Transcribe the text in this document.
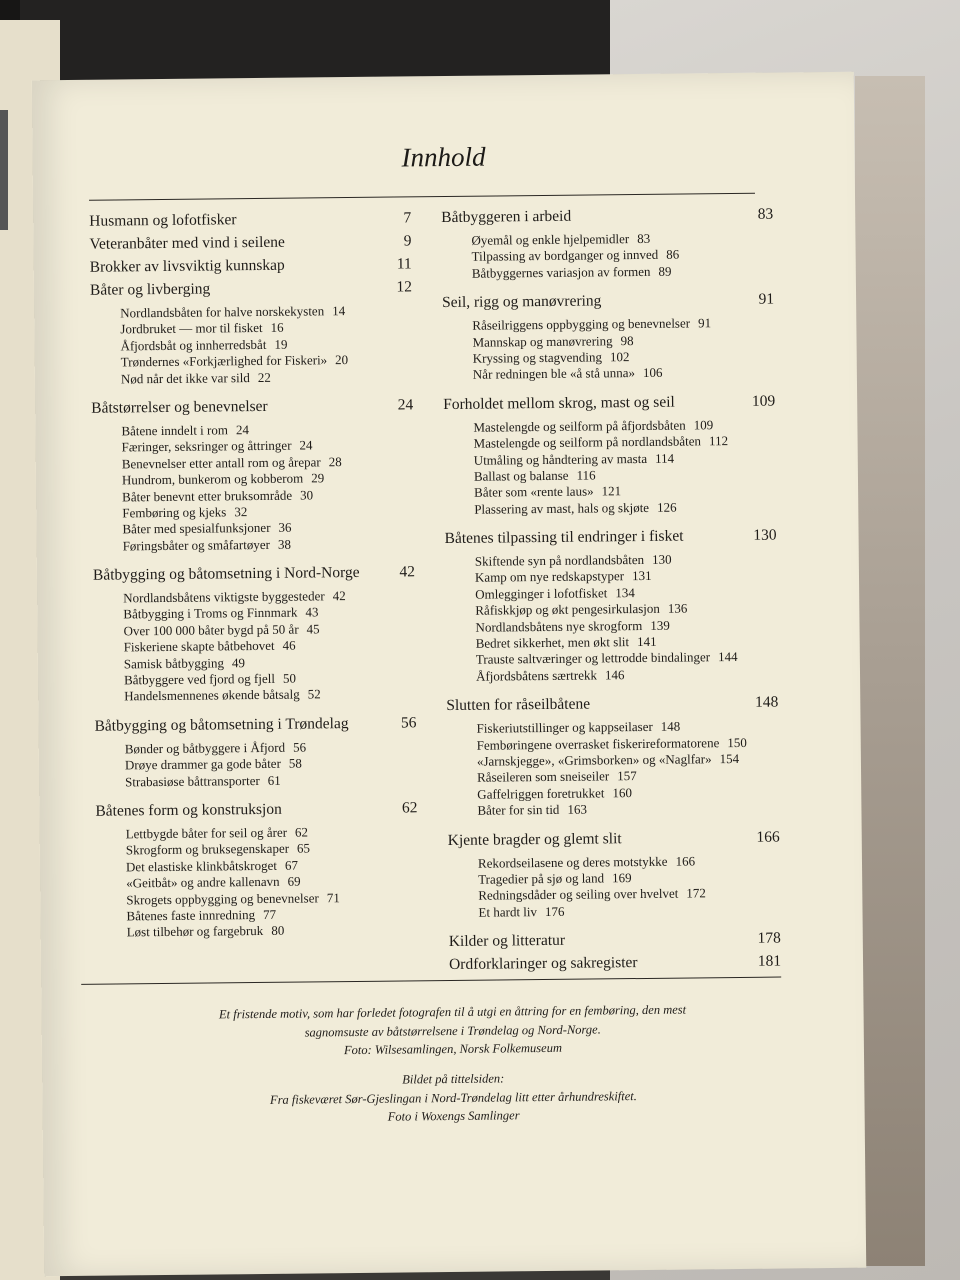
Innhold
Husmann og lofotfisker	7
Veteranbåter med vind i seilene	9
Brokker av livsviktig kunnskap	11
Båter og livberging	12
Nordlandsbåten for halve norskekysten 14
Jordbruket — mor til fisket 16
Åfjordsbåt og innherredsbåt 19
Trøndernes «Forkjærlighed for Fiskeri» 20
Nød når det ikke var sild 22
Båtstørrelser og benevnelser	24
Båtene inndelt i rom 24
Færinger, seksringer og åttringer 24
Benevnelser etter antall rom og årepar 28
Hundrom, bunkerom og kobberom 29
Båter benevnt etter bruksområde 30
Fembøring og kjeks 32
Båter med spesialfunksjoner 36
Føringsbåter og småfartøyer 38
Båtbygging og båtomsetning i Nord-Norge	42
Nordlandsbåtens viktigste byggesteder 42
Båtbygging i Troms og Finnmark 43
Over 100 000 båter bygd på 50 år 45
Fiskeriene skapte båtbehovet 46
Samisk båtbygging 49
Båtbyggere ved fjord og fjell 50
Handelsmennenes økende båtsalg 52
Båtbygging og båtomsetning i Trøndelag	56
Bønder og båtbyggere i Åfjord 56
Drøye drammer ga gode båter 58
Strabasiøse båttransporter 61
Båtenes form og konstruksjon	62
Lettbygde båter for seil og årer 62
Skrogform og bruksegenskaper 65
Det elastiske klinkbåtskroget 67
«Geitbåt» og andre kallenavn 69
Skrogets oppbygging og benevnelser 71
Båtenes faste innredning 77
Løst tilbehør og fargebruk 80
Båtbyggeren i arbeid	83
Øyemål og enkle hjelpemidler 83
Tilpassing av bordganger og innved 86
Båtbyggernes variasjon av formen 89
Seil, rigg og manøvrering	91
Råseilriggens oppbygging og benevnelser 91
Mannskap og manøvrering 98
Kryssing og stagvending 102
Når redningen ble «å stå unna» 106
Forholdet mellom skrog, mast og seil	109
Mastelengde og seilform på åfjordsbåten 109
Mastelengde og seilform på nordlandsbåten 112
Utmåling og håndtering av masta 114
Ballast og balanse 116
Båter som «rente laus» 121
Plassering av mast, hals og skjøte 126
Båtenes tilpassing til endringer i fisket	130
Skiftende syn på nordlandsbåten 130
Kamp om nye redskapstyper 131
Omlegginger i lofotfisket 134
Råfiskkjøp og økt pengesirkulasjon 136
Nordlandsbåtens nye skrogform 139
Bedret sikkerhet, men økt slit 141
Trauste saltværinger og lettrodde bindalinger 144
Åfjordsbåtens særtrekk 146
Slutten for råseilbåtene	148
Fiskeriutstillinger og kappseilaser 148
Fembøringene overrasket fiskerireformatorene 150
«Jarnskjegge», «Grimsborken» og «Naglfar» 154
Råseileren som sneiseiler 157
Gaffelriggen foretrukket 160
Båter for sin tid 163
Kjente bragder og glemt slit	166
Rekordseilasene og deres motstykke 166
Tragedier på sjø og land 169
Redningsdåder og seiling over hvelvet 172
Et hardt liv 176
Kilder og litteratur	178
Ordforklaringer og sakregister	181
Et fristende motiv, som har forledet fotografen til å utgi en åttring for en fembøring, den mest
sagnomsuste av båtstørrelsene i Trøndelag og Nord-Norge.
Foto: Wilsesamlingen, Norsk Folkemuseum
Bildet på tittelsiden:
Fra fiskeværet Sør-Gjeslingan i Nord-Trøndelag litt etter århundreskiftet.
Foto i Woxengs Samlinger
